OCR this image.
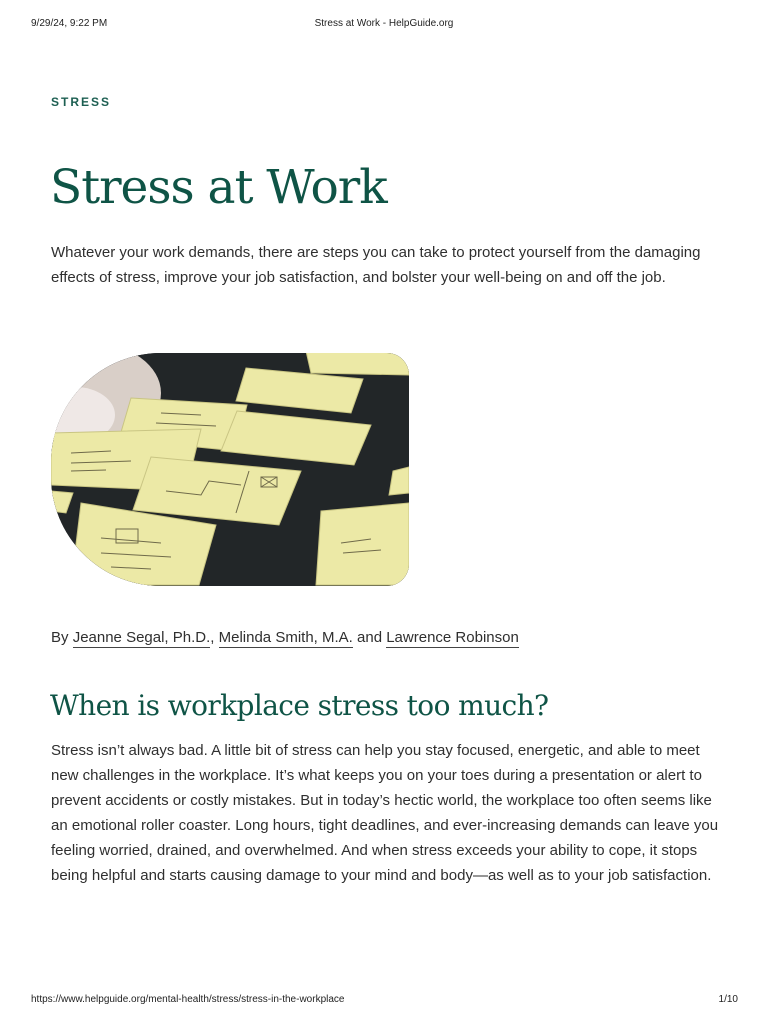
9/29/24, 9:22 PM	Stress at Work - HelpGuide.org
STRESS
Stress at Work

Whatever your work demands, there are steps you can take to protect yourself from the damaging effects of stress, improve your job satisfaction, and bolster your well-being on and off the job.

By Jeanne Segal, Ph.D., Melinda Smith, M.A. and Lawrence Robinson
When is workplace stress too much?

Stress isn’t always bad. A little bit of stress can help you stay focused, energetic, and able to meet new challenges in the workplace. It’s what keeps you on your toes during a presentation or alert to prevent accidents or costly mistakes. But in today’s hectic world, the workplace too often seems like an emotional roller coaster. Long hours, tight deadlines, and ever-increasing demands can leave you feeling worried, drained, and overwhelmed. And when stress exceeds your ability to cope, it stops being helpful and starts causing damage to your mind and body—as well as to your job satisfaction.

https://www.helpguide.org/mental-health/stress/stress-in-the-workplace	1/10
